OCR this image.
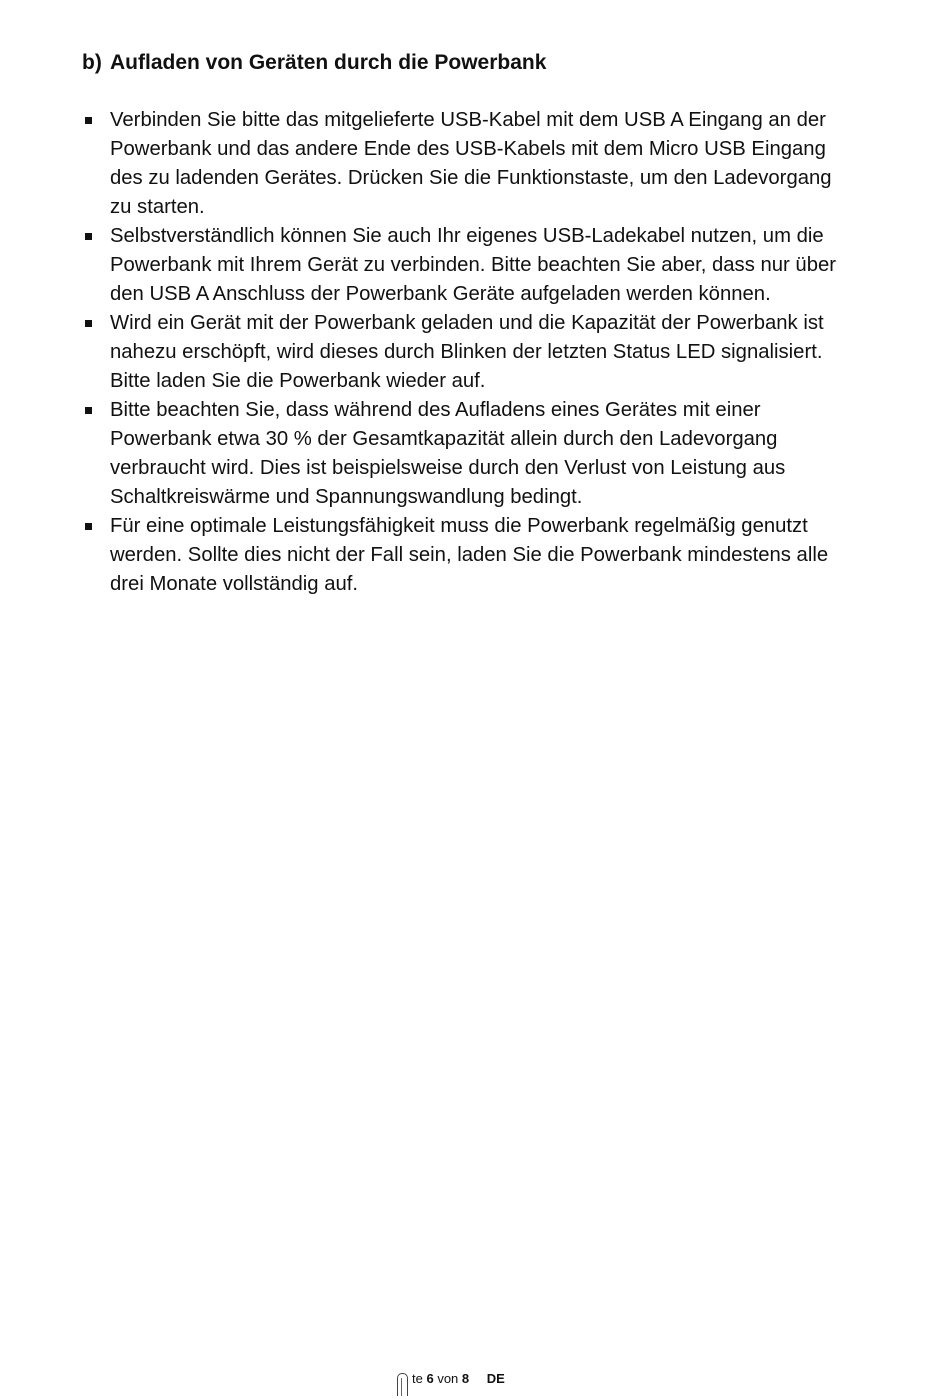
b) Aufladen von Geräten durch die Powerbank
Verbinden Sie bitte das mitgelieferte USB-Kabel mit dem USB A Eingang an der Powerbank und das andere Ende des USB-Kabels mit dem Micro USB Eingang des zu ladenden Gerätes. Drücken Sie die Funktionstaste, um den Ladevorgang zu starten.
Selbstverständlich können Sie auch Ihr eigenes USB-Ladekabel nutzen, um die Powerbank mit Ihrem Gerät zu verbinden. Bitte beachten Sie aber, dass nur über den USB A Anschluss der Powerbank Geräte aufgeladen werden können.
Wird ein Gerät mit der Powerbank geladen und die Kapazität der Powerbank ist nahezu erschöpft, wird dieses durch Blinken der letzten Status LED signalisiert. Bitte laden Sie die Powerbank wieder auf.
Bitte beachten Sie, dass während des Aufladens eines Gerätes mit einer Powerbank etwa 30 % der Gesamtkapazität allein durch den Ladevorgang verbraucht wird. Dies ist beispielsweise durch den Verlust von Leistung aus Schaltkreiswärme und Spannungswandlung bedingt.
Für eine optimale Leistungsfähigkeit muss die Powerbank regelmäßig genutzt werden. Sollte dies nicht der Fall sein, laden Sie die Powerbank mindestens alle drei Monate vollständig auf.
te 6 von 8 DE
